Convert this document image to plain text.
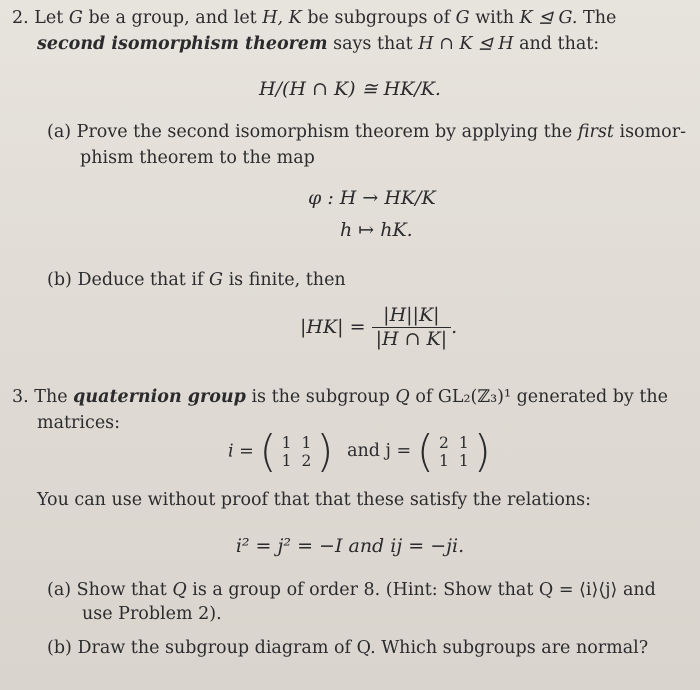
2. Let G be a group, and let H, K be subgroups of G with K ⊴ G. The
second isomorphism theorem says that H ∩ K ⊴ H and that:
H/(H ∩ K) ≅ HK/K.
(a) Prove the second isomorphism theorem by applying the first isomor-
phism theorem to the map
φ : H → HK/K
h ↦ hK.
(b) Deduce that if G is finite, then
$|HK| = \frac{|H||K|}{|H \cap K|}$ .
3. The quaternion group is the subgroup Q of GL₂(ℤ₃)¹ generated by the
matrices:
i = ( 1	1
1	2 ) and j = ( 2	1
1	1 )
You can use without proof that that these satisfy the relations:
i² = j² = −I and ij = −ji.
(a) Show that Q is a group of order 8. (Hint: Show that Q = ⟨i⟩⟨j⟩ and
use Problem 2).
(b) Draw the subgroup diagram of Q. Which subgroups are normal?
